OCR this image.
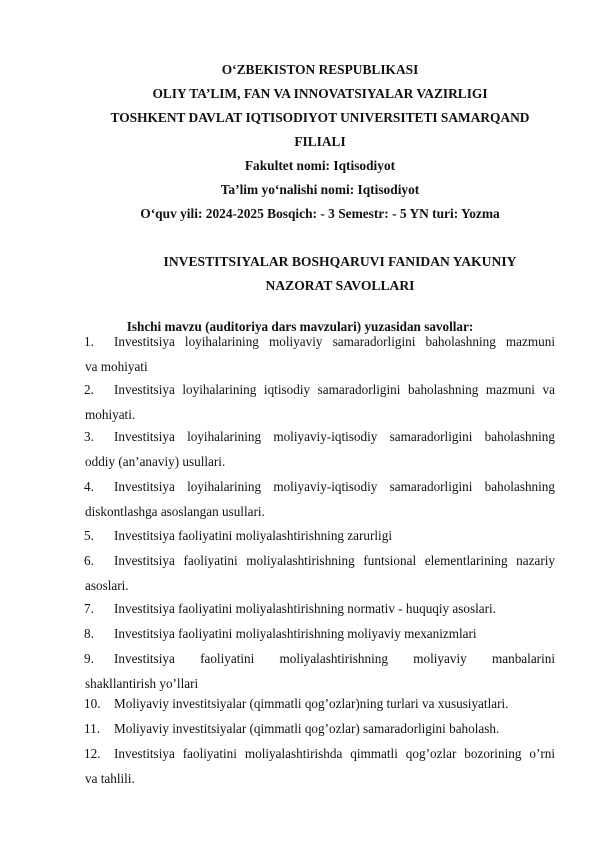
O‘ZBEKISTON RESPUBLIKASI
OLIY TA’LIM, FAN VA INNOVATSIYALAR VAZIRLIGI
TOSHKENT DAVLAT IQTISODIYOT UNIVERSITETI SAMARQAND
FILIALI
Fakultet nomi: Iqtisodiyot
Ta’lim yo‘nalishi nomi: Iqtisodiyot
O‘quv yili: 2024-2025 Bosqich: - 3 Semestr: - 5 YN turi: Yozma
INVESTITSIYALAR BOSHQARUVI FANIDAN YAKUNIY
NAZORAT SAVOLLARI
Ishchi mavzu (auditoriya dars mavzulari) yuzasidan savollar:
1.	Investitsiya loyihalarining moliyaviy samaradorligini baholashning mazmuni
va mohiyati
2.	Investitsiya loyihalarining iqtisodiy samaradorligini baholashning mazmuni va
mohiyati.
3.	Investitsiya loyihalarining moliyaviy-iqtisodiy samaradorligini baholashning
oddiy (an’anaviy) usullari.
4.	Investitsiya loyihalarining moliyaviy-iqtisodiy samaradorligini baholashning
diskontlashga asoslangan usullari.
5.	Investitsiya faoliyatini moliyalashtirishning zarurligi
6.	Investitsiya faoliyatini moliyalashtirishning funtsional elementlarining nazariy
asoslari.
7.	Investitsiya faoliyatini moliyalashtirishning normativ - huquqiy asoslari.
8.	Investitsiya faoliyatini moliyalashtirishning moliyaviy mexanizmlari
9.	Investitsiya faoliyatini moliyalashtirishning moliyaviy manbalarini
shakllantirish yo’llari
10.	Moliyaviy investitsiyalar (qimmatli qog’ozlar)ning turlari va xususiyatlari.
11.	Moliyaviy investitsiyalar (qimmatli qog’ozlar) samaradorligini baholash.
12.	Investitsiya faoliyatini moliyalashtirishda qimmatli qog’ozlar bozorining o’rni
va tahlili.
